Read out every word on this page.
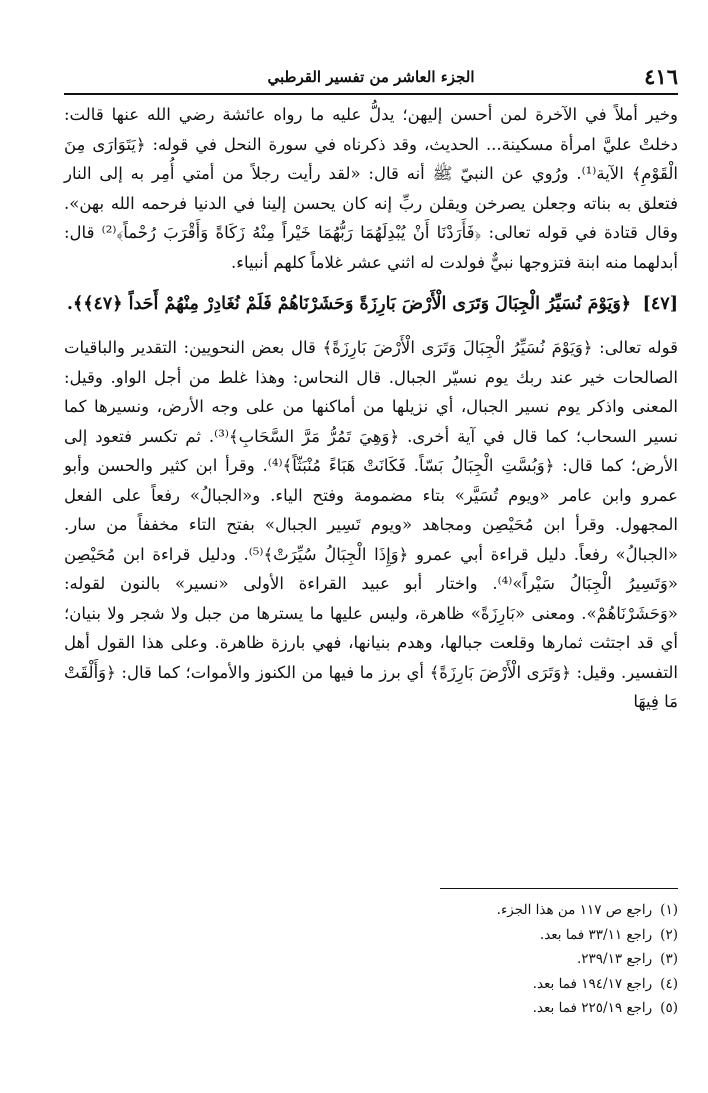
٤١٦
الجزء العاشر من تفسير القرطبي

وخير أملاً في الآخرة لمن أحسن إليهن؛ يدلُّ عليه ما رواه عائشة رضي الله عنها قالت: دخلتْ عليَّ امرأة مسكينة... الحديث، وقد ذكرناه في سورة النحل في قوله: ﴿يَتَوَارَى مِنَ الْقَوْمِ﴾ الآية⁽¹⁾. ورُوي عن النبيّ ﷺ أنه قال: «لقد رأيت رجلاً من أمتي أُمِر به إلى النار فتعلق به بناته وجعلن يصرخن ويقلن ربِّ إنه كان يحسن إلينا في الدنيا فرحمه الله بهن». وقال قتادة في قوله تعالى: ﴿فَأَرَدْنَا أَنْ يُبْدِلَهُمَا رَبُّهُمَا خَيْراً مِنْهُ زَكَاةً وَأَقْرَبَ رُحْماً﴾⁽²⁾ قال: أبدلهما منه ابنة فتزوجها نبيٌّ فولدت له اثني عشر غلاماً كلهم أنبياء.

[٤٧] ﴿وَيَوْمَ نُسَيِّرُ الْجِبَالَ وَتَرَى الْأَرْضَ بَارِزَةً وَحَشَرْنَاهُمْ فَلَمْ نُغَادِرْ مِنْهُمْ أَحَداً ﴿٤٧﴾﴾.

قوله تعالى: ﴿وَيَوْمَ نُسَيِّرُ الْجِبَالَ وَتَرَى الْأَرْضَ بَارِزَةً﴾ قال بعض النحويين: التقدير والباقيات الصالحات خير عند ربك يوم نسيّر الجبال. قال النحاس: وهذا غلط من أجل الواو. وقيل: المعنى واذكر يوم نسير الجبال، أي نزيلها من أماكنها من على وجه الأرض، ونسيرها كما نسير السحاب؛ كما قال في آية أخرى. ﴿وَهِيَ تَمُرُّ مَرَّ السَّحَابِ﴾⁽³⁾. ثم تكسر فتعود إلى الأرض؛ كما قال: ﴿وَبُسَّتِ الْجِبَالُ بَسّاً. فَكَانَتْ هَبَاءً مُنْبَثّاً﴾⁽⁴⁾. وقرأ ابن كثير والحسن وأبو عمرو وابن عامر «ويوم تُسَيَّر» بتاء مضمومة وفتح الياء. و«الجبالُ» رفعاً على الفعل المجهول. وقرأ ابن مُحَيْصِن ومجاهد «ويوم تَسِير الجبال» بفتح التاء مخففاً من سار. «الجبالُ» رفعاً. دليل قراءة أبي عمرو ﴿وَإِذَا الْجِبَالُ سُيِّرَتْ﴾⁽⁵⁾. ودليل قراءة ابن مُحَيْصِن «وَتَسِيرُ الْجِبَالُ سَيْراً»⁽⁴⁾. واختار أبو عبيد القراءة الأولى «نسير» بالنون لقوله: «وَحَشَرْنَاهُمْ». ومعنى «بَارِزَةً» ظاهرة، وليس عليها ما يسترها من جبل ولا شجر ولا بنيان؛ أي قد اجتثت ثمارها وقلعت جبالها، وهدم بنيانها، فهي بارزة ظاهرة. وعلى هذا القول أهل التفسير. وقيل: ﴿وَتَرَى الْأَرْضَ بَارِزَةً﴾ أي برز ما فيها من الكنوز والأموات؛ كما قال: ﴿وَأَلْقَتْ مَا فِيهَا

(١)راجع ص ١١٧ من هذا الجزء.
(٢)راجع ٣٣/١١ فما بعد.
(٣)راجع ٢٣٩/١٣.
(٤)راجع ١٩٤/١٧ فما بعد.
(٥)راجع ٢٢٥/١٩ فما بعد.
